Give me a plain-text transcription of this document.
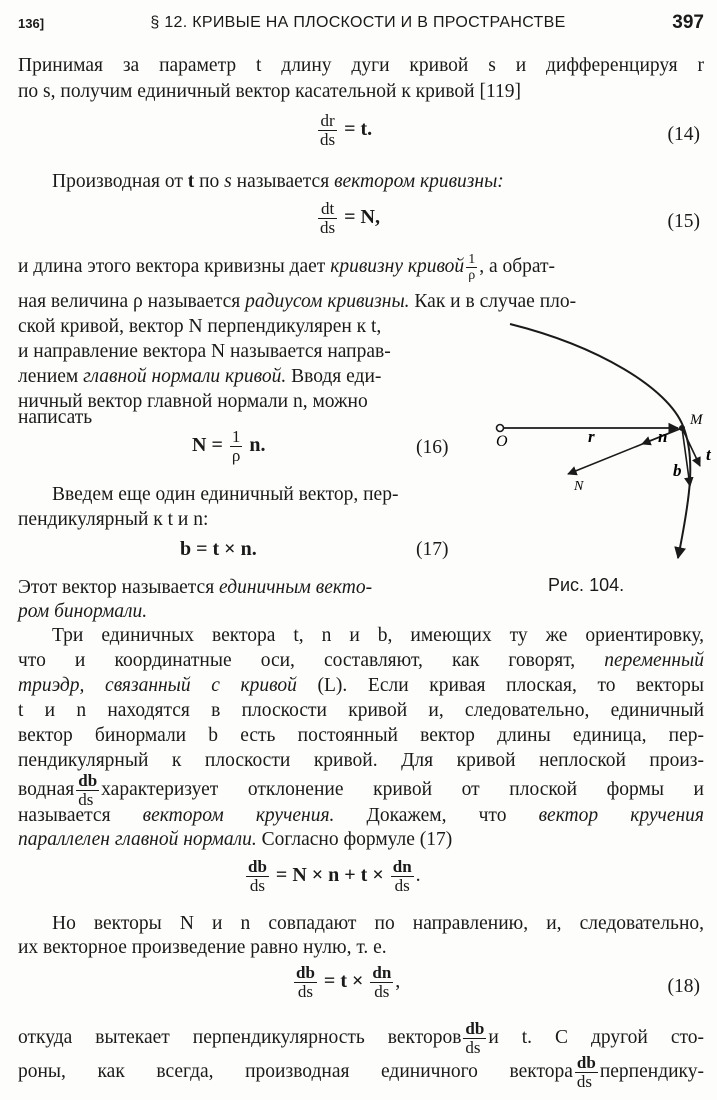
136]	§ 12. КРИВЫЕ НА ПЛОСКОСТИ И В ПРОСТРАНСТВЕ	397
Принимая за параметр t длину дуги кривой s и дифференцируя r
по s, получим единичный вектор касательной к кривой [119]
$\frac{dr}{ds} = t$.	(14)
Производная от t по s называется вектором кривизны:
$\frac{dt}{ds} = N$,	(15)
и длина этого вектора кривизны дает кривизну кривой $\frac{1}{\rho}$ , а обрат-
ная величина ρ называется радиусом кривизны. Как и в случае пло-
ской кривой, вектор N перпендикулярен к t,
и направление вектора N называется направ-
лением главной нормали кривой. Вводя еди-
ничный вектор главной нормали n, можно
написать
$N = \frac{1}{\rho} n$.	(16)
Введем еще один единичный вектор, пер-
пендикулярный к t и n:
b = t × n.	(17)
Этот вектор называется единичным векто-
ром бинормали.
O	r
M
n
N
b
t
Рис. 104.
Три единичных вектора t, n и b, имеющих ту же ориентировку,
что и координатные оси, составляют, как говорят, переменный
триэдр, связанный с кривой (L). Если кривая плоская, то векторы
t и n находятся в плоскости кривой и, следовательно, единичный
вектор бинормали b есть постоянный вектор длины единица, пер-
пендикулярный к плоскости кривой. Для кривой неплоской произ-
водная $\frac{db}{ds}$ характеризует отклонение кривой от плоской формы и
называется вектором кручения. Докажем, что вектор кручения
параллелен главной нормали. Согласно формуле (17)
$\frac{db}{ds} = N \times n + t \times \frac{dn}{ds}$ .
Но векторы N и n совпадают по направлению, и, следовательно,
их векторное произведение равно нулю, т. е.
$\frac{db}{ds} = t \times \frac{dn}{ds}$ ,	(18)
откуда вытекает перпендикулярность векторов $\frac{db}{ds}$ и t. С другой сто-
роны, как всегда, производная единичного вектора $\frac{db}{ds}$ перпендику-
